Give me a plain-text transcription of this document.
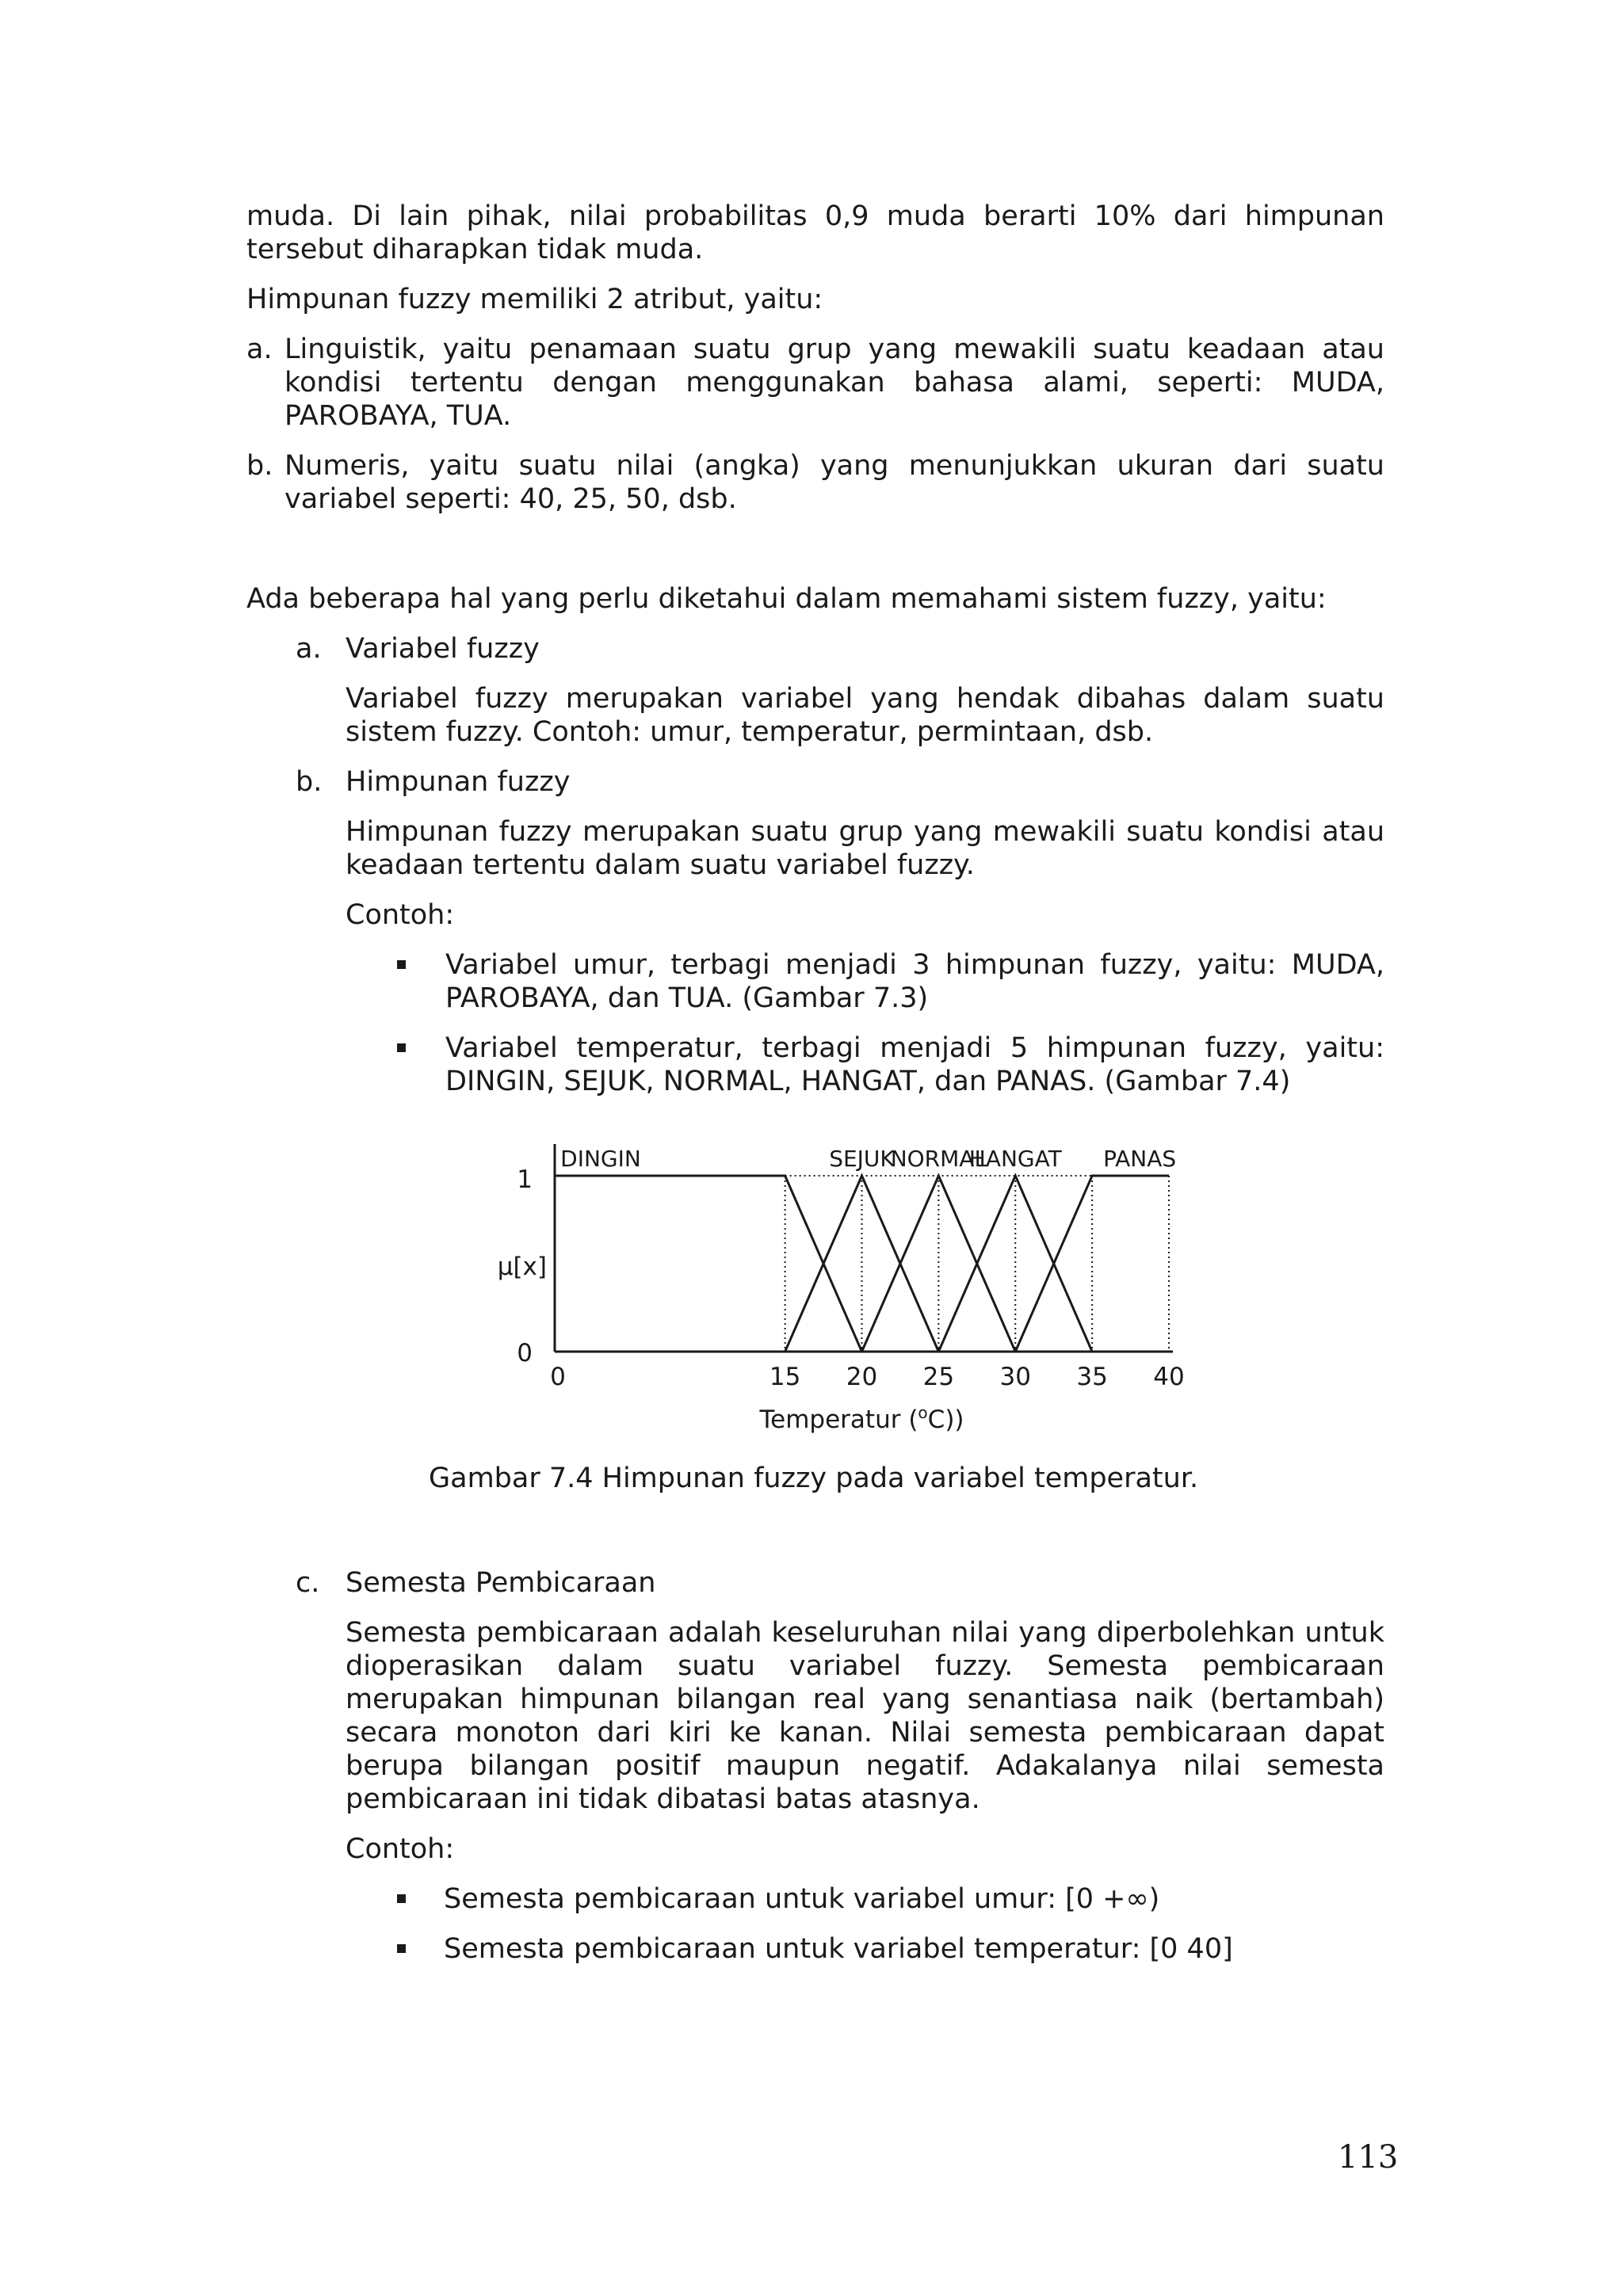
muda. Di lain pihak, nilai probabilitas 0,9 muda berarti 10% dari himpunan
tersebut diharapkan tidak muda.
Himpunan fuzzy memiliki 2 atribut, yaitu:
a. Linguistik, yaitu penamaan suatu grup yang mewakili suatu keadaan atau
kondisi tertentu dengan menggunakan bahasa alami, seperti: MUDA,
PAROBAYA, TUA.
b. Numeris, yaitu suatu nilai (angka) yang menunjukkan ukuran dari suatu
variabel seperti: 40, 25, 50, dsb.
Ada beberapa hal yang perlu diketahui dalam memahami sistem fuzzy, yaitu:
a. Variabel fuzzy
Variabel fuzzy merupakan variabel yang hendak dibahas dalam suatu
sistem fuzzy. Contoh: umur, temperatur, permintaan, dsb.
b. Himpunan fuzzy
Himpunan fuzzy merupakan suatu grup yang mewakili suatu kondisi atau
keadaan tertentu dalam suatu variabel fuzzy.
Contoh:
Variabel umur, terbagi menjadi 3 himpunan fuzzy, yaitu: MUDA,
PAROBAYA, dan TUA. (Gambar 7.3)
Variabel temperatur, terbagi menjadi 5 himpunan fuzzy, yaitu:
DINGIN, SEJUK, NORMAL, HANGAT, dan PANAS. (Gambar 7.4)
DINGIN	SEJUK
NORMAL
HANGAT PANAS
0	15 20 25 30 35 40
1
0
μ[x]
Temperatur ($^o$C))
Gambar 7.4 Himpunan fuzzy pada variabel temperatur.
c. Semesta Pembicaraan
Semesta pembicaraan adalah keseluruhan nilai yang diperbolehkan untuk
dioperasikan dalam suatu variabel fuzzy. Semesta pembicaraan
merupakan himpunan bilangan real yang senantiasa naik (bertambah)
secara monoton dari kiri ke kanan. Nilai semesta pembicaraan dapat
berupa bilangan positif maupun negatif. Adakalanya nilai semesta
pembicaraan ini tidak dibatasi batas atasnya.
Contoh:
Semesta pembicaraan untuk variabel umur: [0 +∞)
Semesta pembicaraan untuk variabel temperatur: [0 40]
113
